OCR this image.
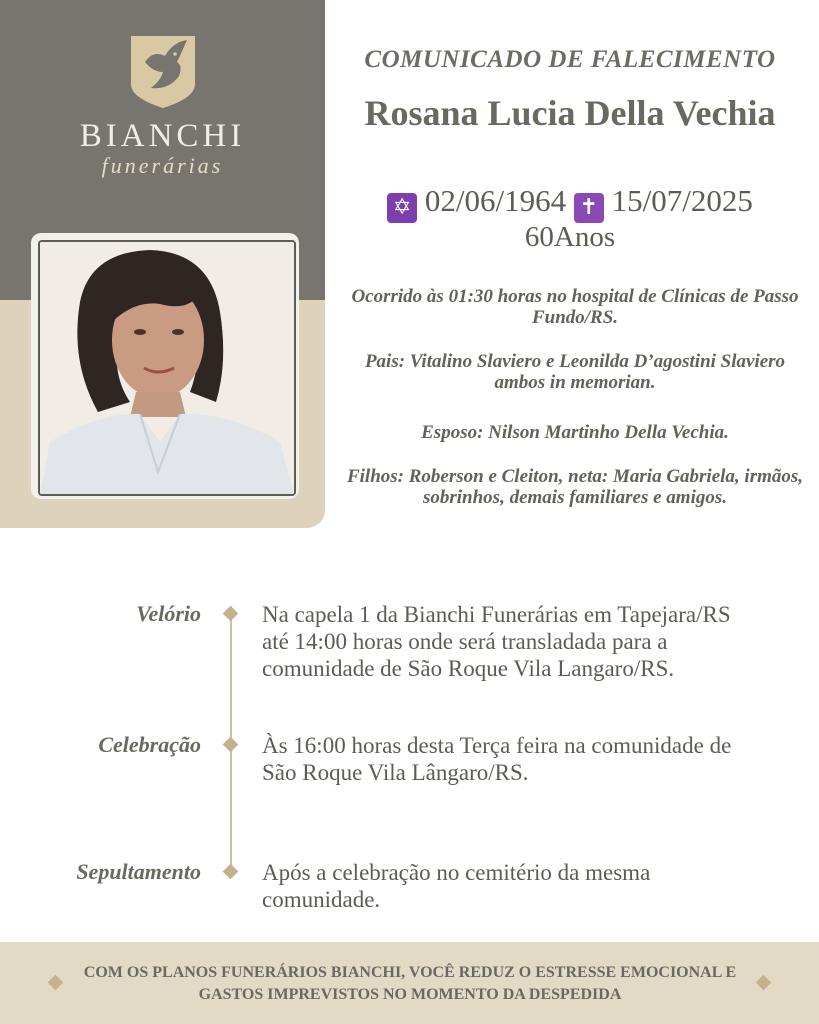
BIANCHI
funerárias
COMUNICADO DE FALECIMENTO
Rosana Lucia Della Vechia
✡ 02/06/1964 ✝ 15/07/2025
60Anos
Ocorrido às 01:30 horas no hospital de Clínicas de Passo Fundo/RS.
Pais: Vitalino Slaviero e Leonilda D’agostini Slaviero ambos in memorian.
Esposo: Nilson Martinho Della Vechia.
Filhos: Roberson e Cleiton, neta: Maria Gabriela, irmãos, sobrinhos, demais familiares e amigos.
Velório	Na capela 1 da Bianchi Funerárias em Tapejara/RS até 14:00 horas onde será transladada para a comunidade de São Roque Vila Langaro/RS.
Celebração	Às 16:00 horas desta Terça feira na comunidade de São Roque Vila Lângaro/RS.
Sepultamento	Após a celebração no cemitério da mesma comunidade.
COM OS PLANOS FUNERÁRIOS BIANCHI, VOCÊ REDUZ O ESTRESSE EMOCIONAL E GASTOS IMPREVISTOS NO MOMENTO DA DESPEDIDA
